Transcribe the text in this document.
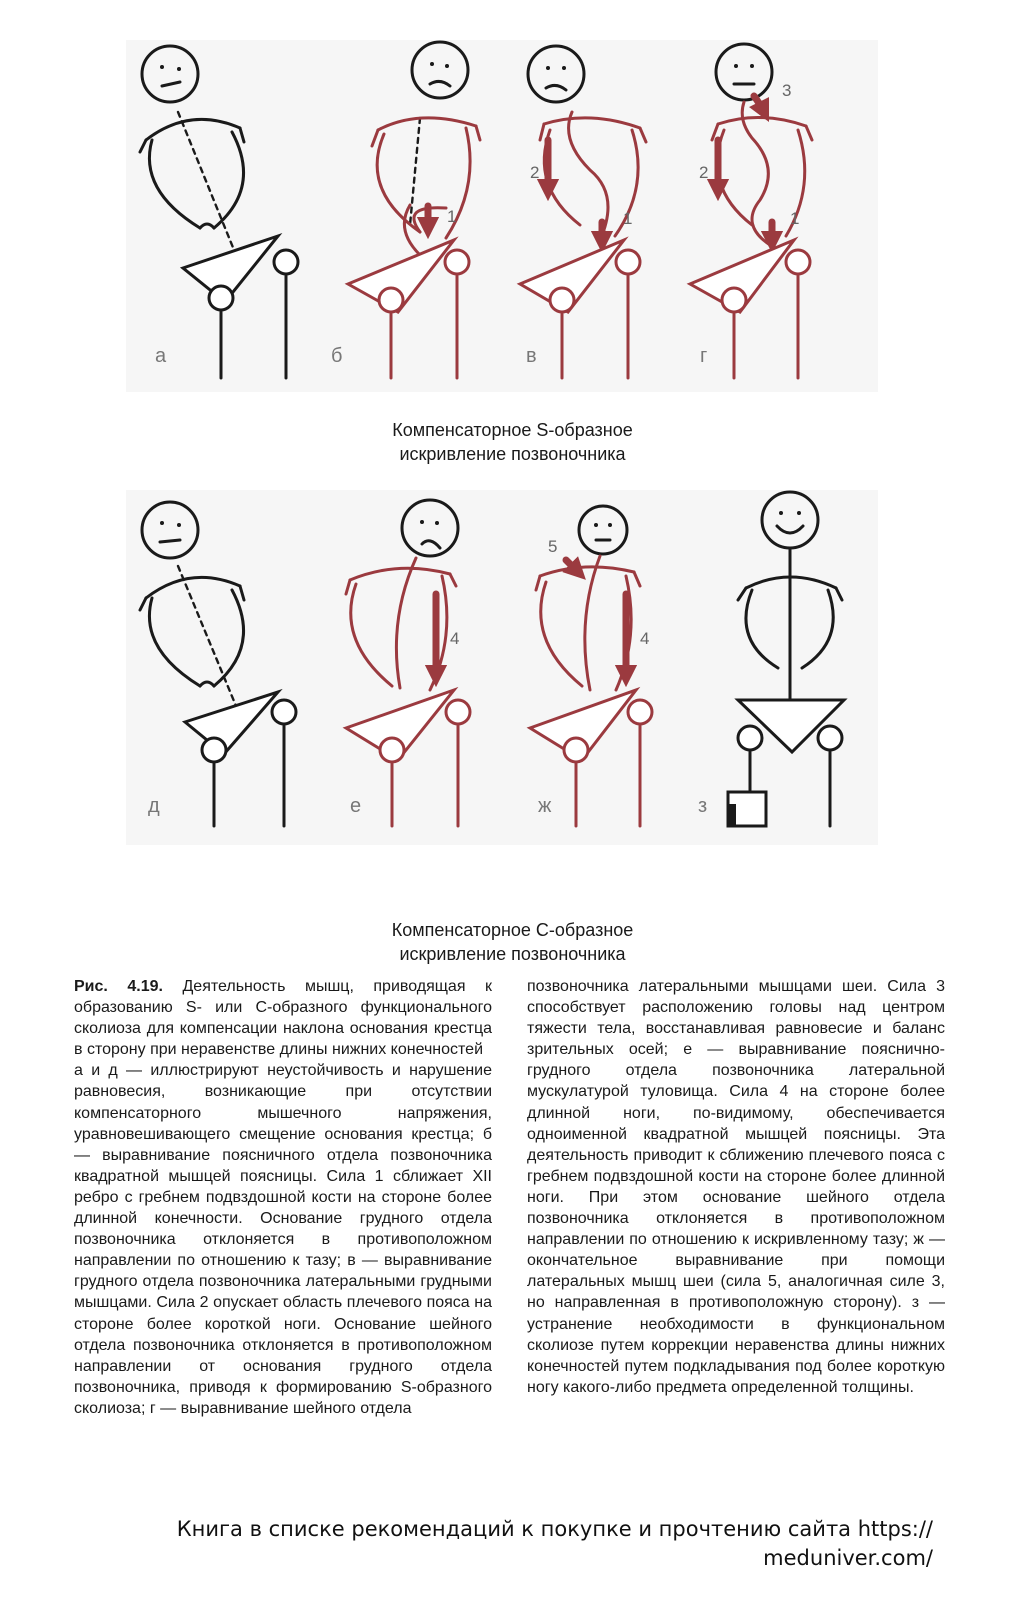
а	б	в	г
1
2
1
3
2
1
д	е	ж	з
4
5
4
Компенсаторное S-образное
искривление позвоночника
Компенсаторное С-образное
искривление позвоночника
Рис. 4.19. Деятельность мышц, приводящая к образованию S- или С-образного функционального сколиоза для компенсации наклона основания крестца в сторону при неравенстве длины нижних конечностей
а и д — иллюстрируют неустойчивость и нарушение равновесия, возникающие при отсутствии компенсаторного мышечного напряжения, уравновешивающего смещение основания крестца; б — выравнивание поясничного отдела позвоночника квадратной мышцей поясницы. Сила 1 сближает XII ребро с гребнем подвздошной кости на стороне более длинной конечности. Основание грудного отдела позвоночника отклоняется в противоположном направлении по отношению к тазу; в — выравнивание грудного отдела позвоночника латеральными грудными мышцами. Сила 2 опускает область плечевого пояса на стороне более короткой ноги. Основание шейного отдела позвоночника отклоняется в противоположном направлении от основания грудного отдела позвоночника, приводя к формированию S-образного сколиоза; г — выравнивание шейного отдела
позвоночника латеральными мышцами шеи. Сила 3 способствует расположению головы над центром тяжести тела, восстанавливая равновесие и баланс зрительных осей; е — выравнивание пояснично-грудного отдела позвоночника латеральной мускулатурой туловища. Сила 4 на стороне более длинной ноги, по-видимому, обеспечивается одноименной квадратной мышцей поясницы. Эта деятельность приводит к сближению плечевого пояса с гребнем подвздошной кости на стороне более длинной ноги. При этом основание шейного отдела позвоночника отклоняется в противоположном направлении по отношению к искривленному тазу; ж — окончательное выравнивание при помощи латеральных мышц шеи (сила 5, аналогичная силе 3, но направленная в противоположную сторону). з — устранение необходимости в функциональном сколиозе путем коррекции неравенства длины нижних конечностей путем подкладывания под более короткую ногу какого-либо предмета определенной толщины.
Книга в списке рекомендаций к покупке и прочтению сайта https://
meduniver.com/
